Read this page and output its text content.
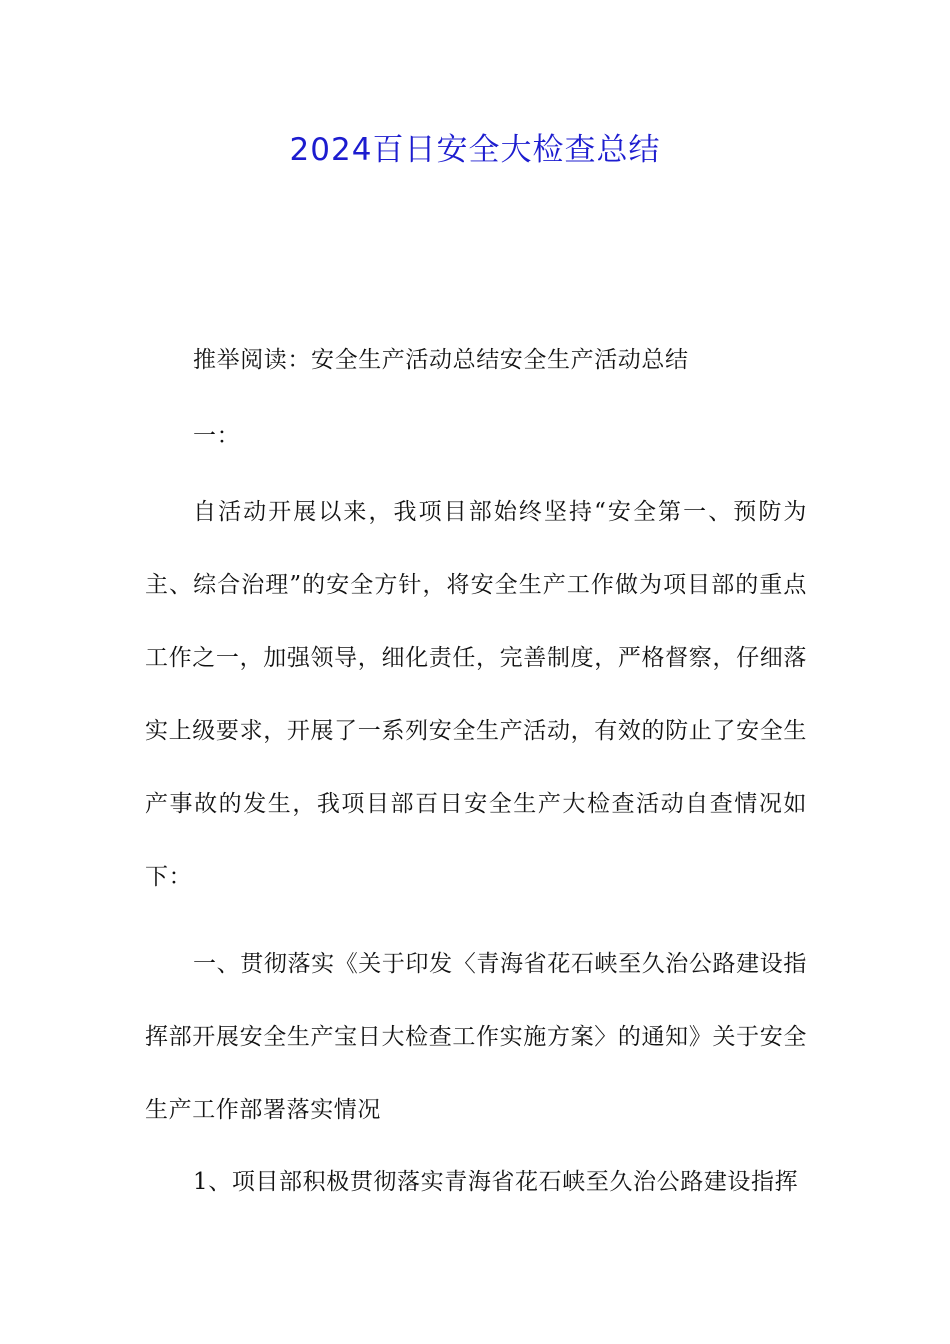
2024百日安全大检查总结

推举阅读：安全生产活动总结安全生产活动总结

一：

自活动开展以来，我项目部始终坚持“安全第一、预防为主、综合治理”的安全方针，将安全生产工作做为项目部的重点工作之一，加强领导，细化责任，完善制度，严格督察，仔细落实上级要求，开展了一系列安全生产活动，有效的防止了安全生产事故的发生，我项目部百日安全生产大检查活动自查情况如下：

一、贯彻落实《关于印发〈青海省花石峡至久治公路建设指挥部开展安全生产宝日大检查工作实施方案〉的通知》关于安全生产工作部署落实情况

1、项目部积极贯彻落实青海省花石峡至久治公路建设指挥
